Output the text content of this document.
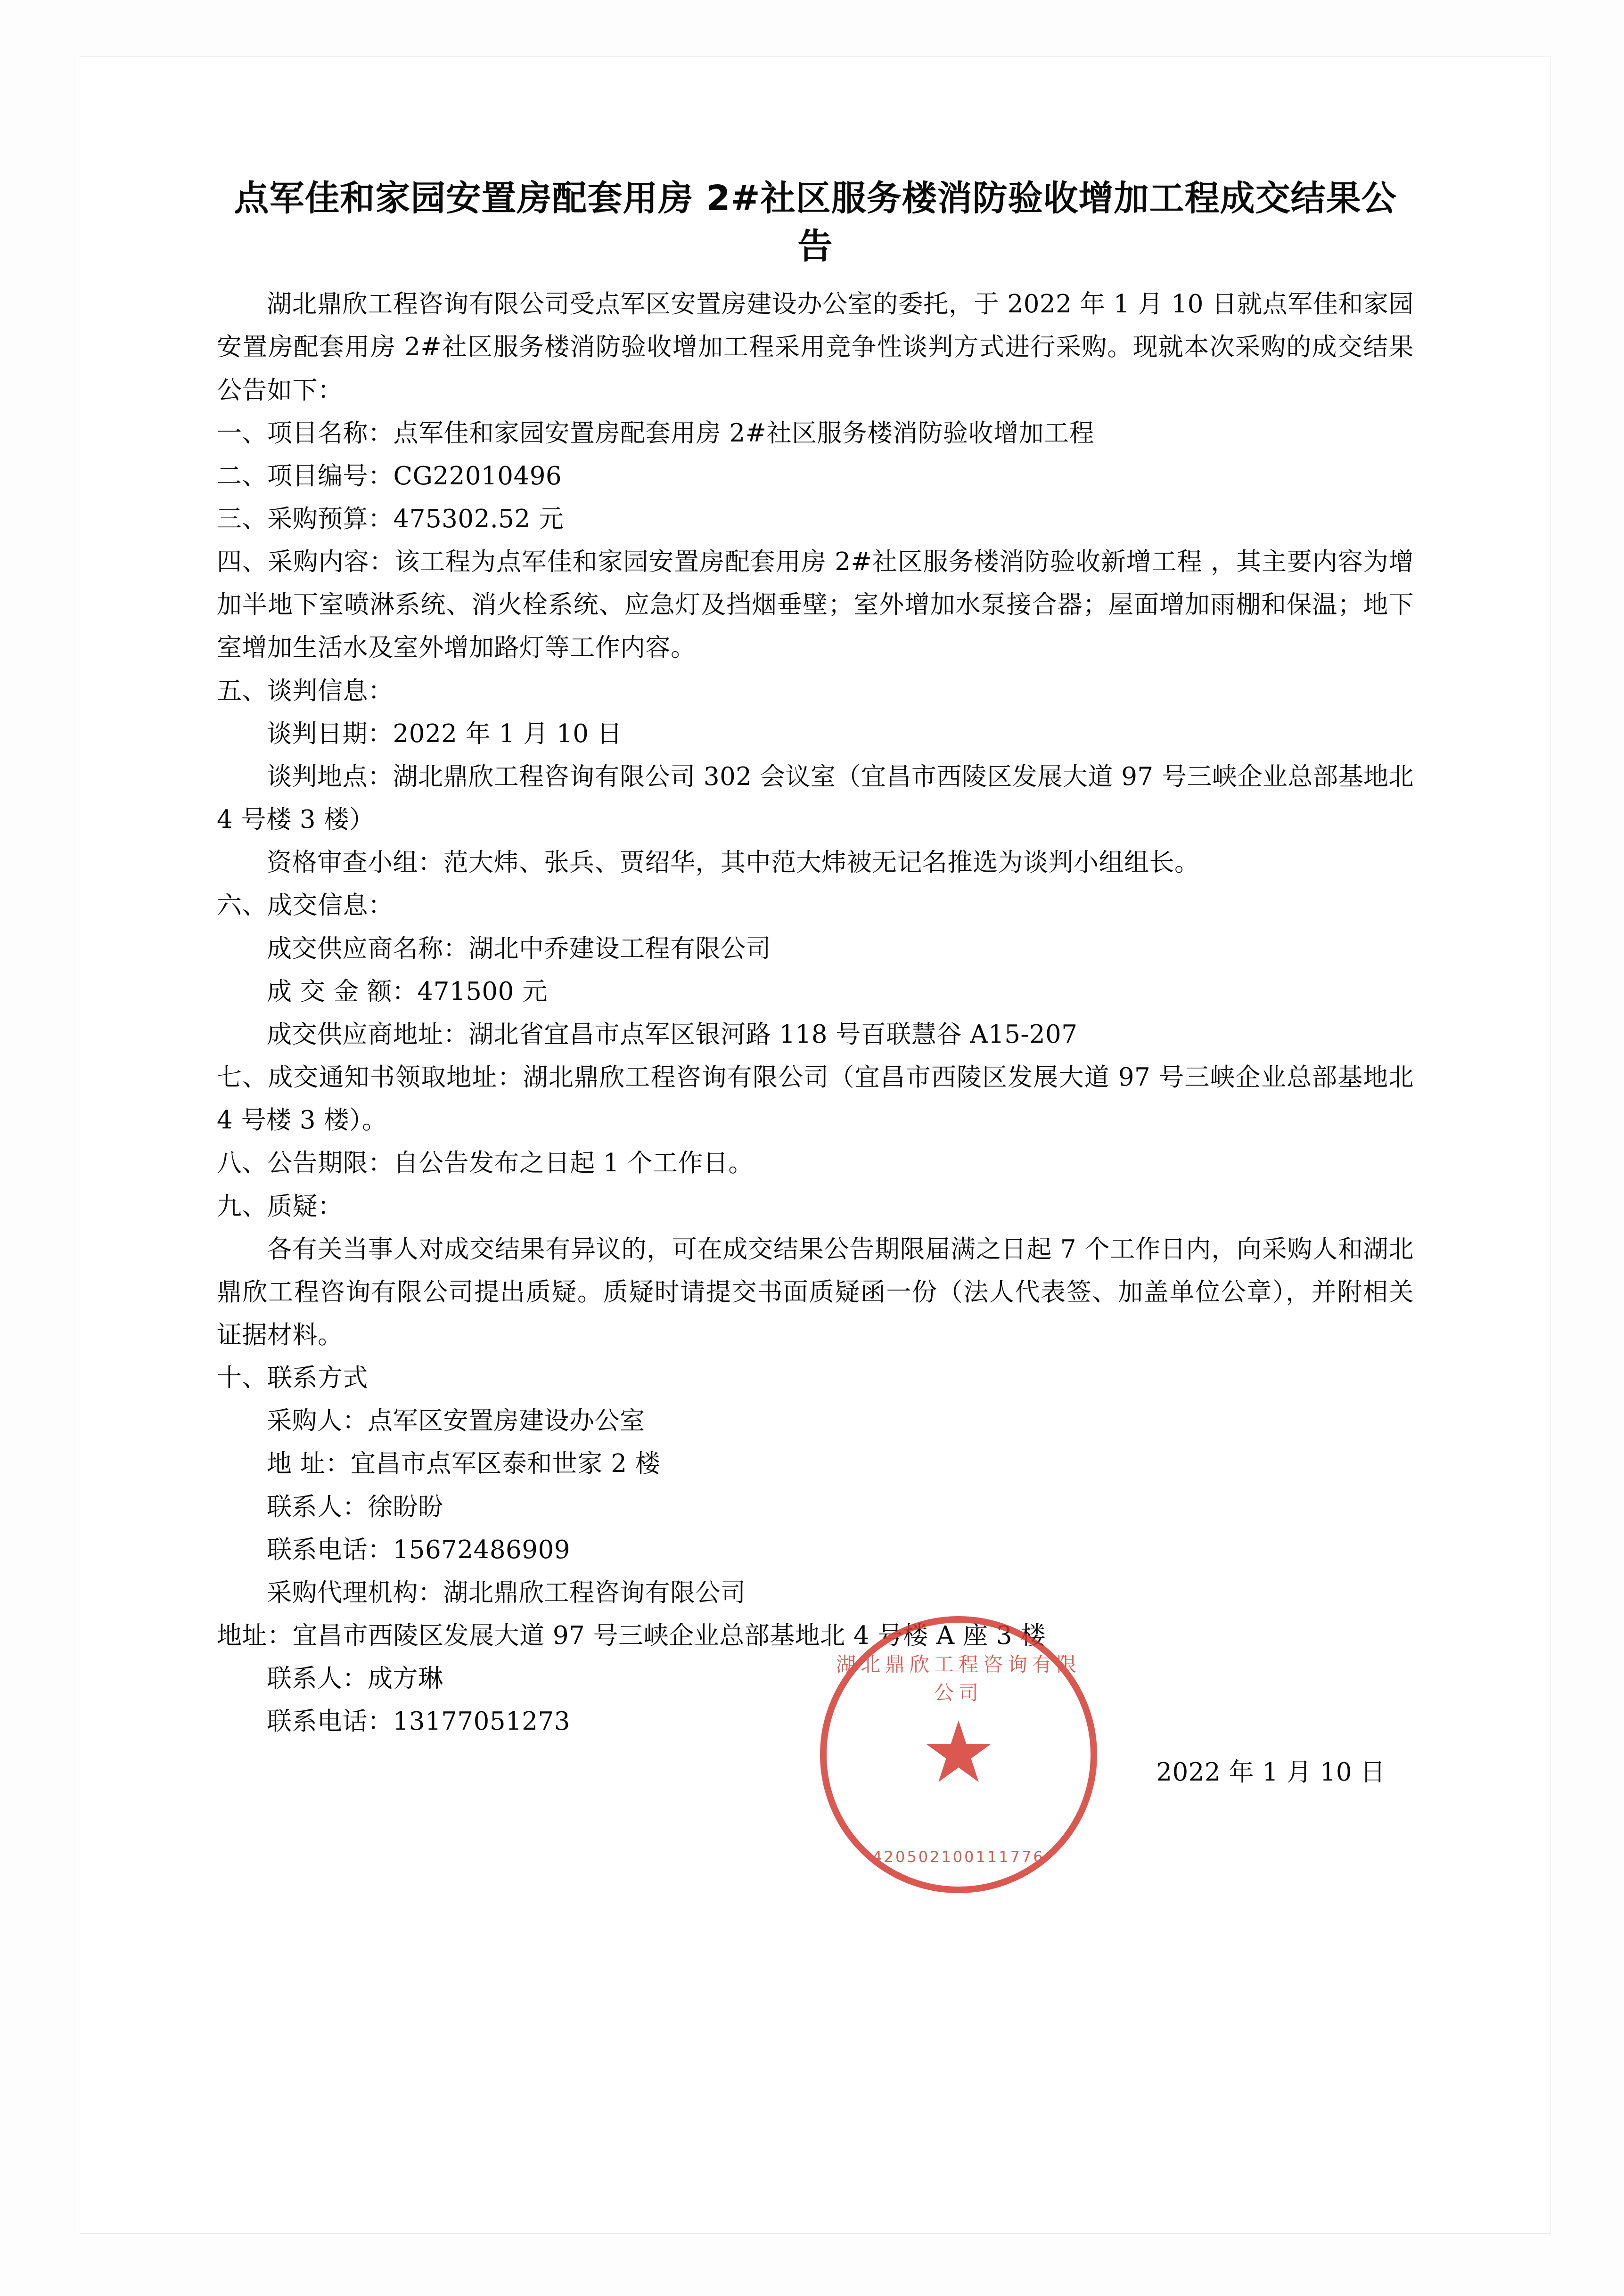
点军佳和家园安置房配套用房 2#社区服务楼消防验收增加工程成交结果公告

湖北鼎欣工程咨询有限公司受点军区安置房建设办公室的委托，于 2022 年 1 月 10 日就点军佳和家园安置房配套用房 2#社区服务楼消防验收增加工程采用竞争性谈判方式进行采购。现就本次采购的成交结果公告如下：

一、项目名称：点军佳和家园安置房配套用房 2#社区服务楼消防验收增加工程

二、项目编号：CG22010496

三、采购预算：475302.52 元

四、采购内容：该工程为点军佳和家园安置房配套用房 2#社区服务楼消防验收新增工程 ，其主要内容为增加半地下室喷淋系统、消火栓系统、应急灯及挡烟垂壁；室外增加水泵接合器；屋面增加雨棚和保温；地下室增加生活水及室外增加路灯等工作内容。

五、谈判信息：

谈判日期：2022 年 1 月 10 日

谈判地点：湖北鼎欣工程咨询有限公司 302 会议室（宜昌市西陵区发展大道 97 号三峡企业总部基地北 4 号楼 3 楼）

资格审查小组：范大炜、张兵、贾绍华，其中范大炜被无记名推选为谈判小组组长。

六、成交信息：

成交供应商名称：湖北中乔建设工程有限公司

成 交 金 额：471500 元

成交供应商地址：湖北省宜昌市点军区银河路 118 号百联慧谷 A15-207

七、成交通知书领取地址：湖北鼎欣工程咨询有限公司（宜昌市西陵区发展大道 97 号三峡企业总部基地北 4 号楼 3 楼）。

八、公告期限：自公告发布之日起 1 个工作日。

九、质疑：

各有关当事人对成交结果有异议的，可在成交结果公告期限届满之日起 7 个工作日内，向采购人和湖北鼎欣工程咨询有限公司提出质疑。质疑时请提交书面质疑函一份（法人代表签、加盖单位公章），并附相关证据材料。

十、联系方式

采购人：点军区安置房建设办公室

地 址：宜昌市点军区泰和世家 2 楼

联系人：徐盼盼

联系电话：15672486909

采购代理机构：湖北鼎欣工程咨询有限公司

地址：宜昌市西陵区发展大道 97 号三峡企业总部基地北 4 号楼 A 座 3 楼

联系人：成方琳

联系电话：13177051273

2022 年 1 月 10 日

湖北鼎欣工程咨询有限公司
★
420502100111776
